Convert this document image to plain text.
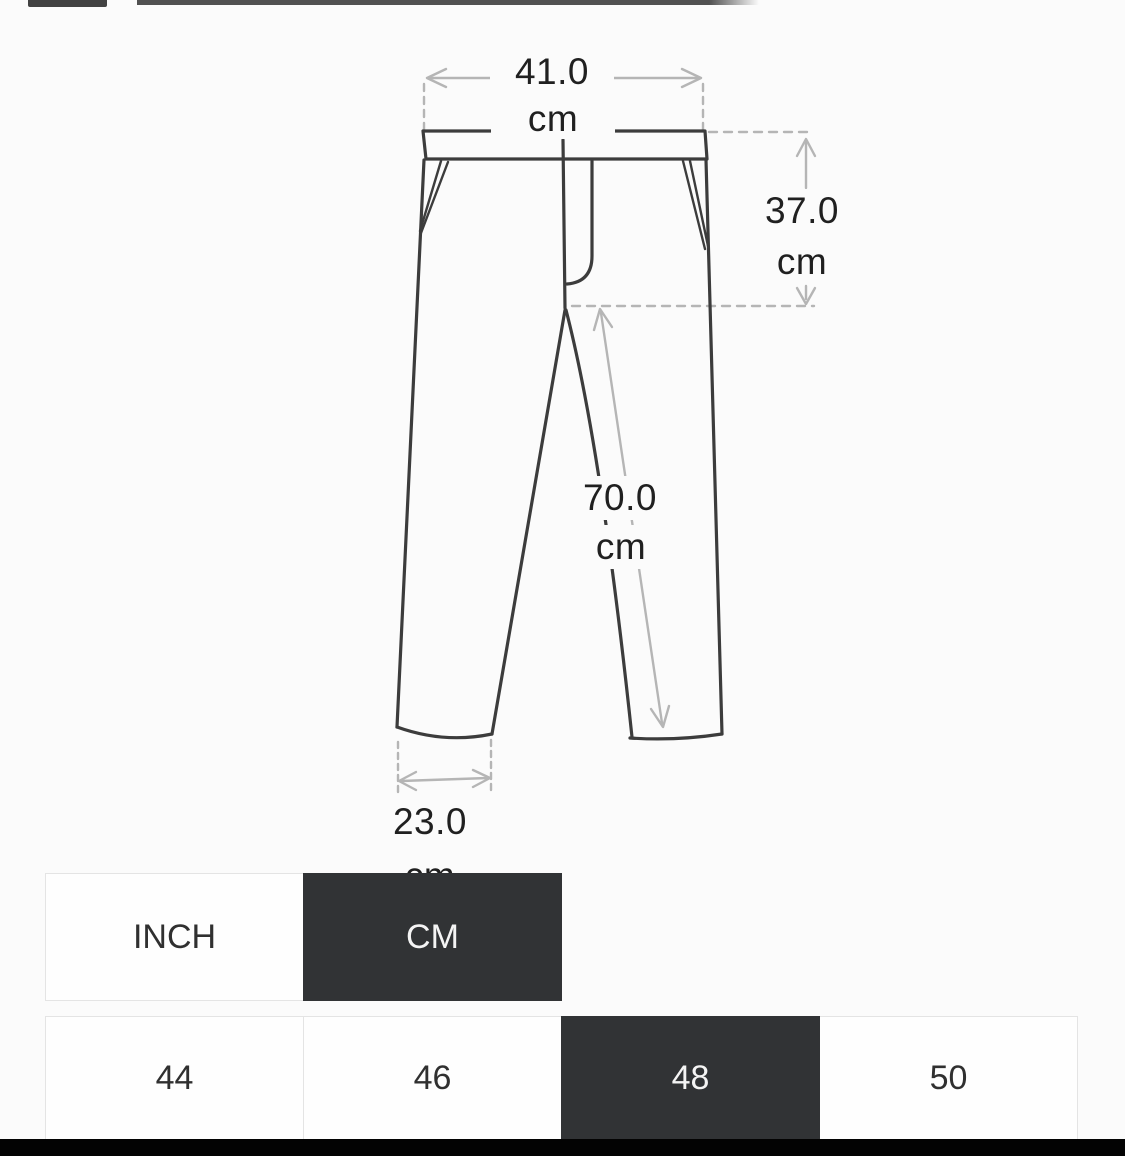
41.0
cm
37.0
cm
70.0
cm
23.0
INCH	CM
44	46	48	50
